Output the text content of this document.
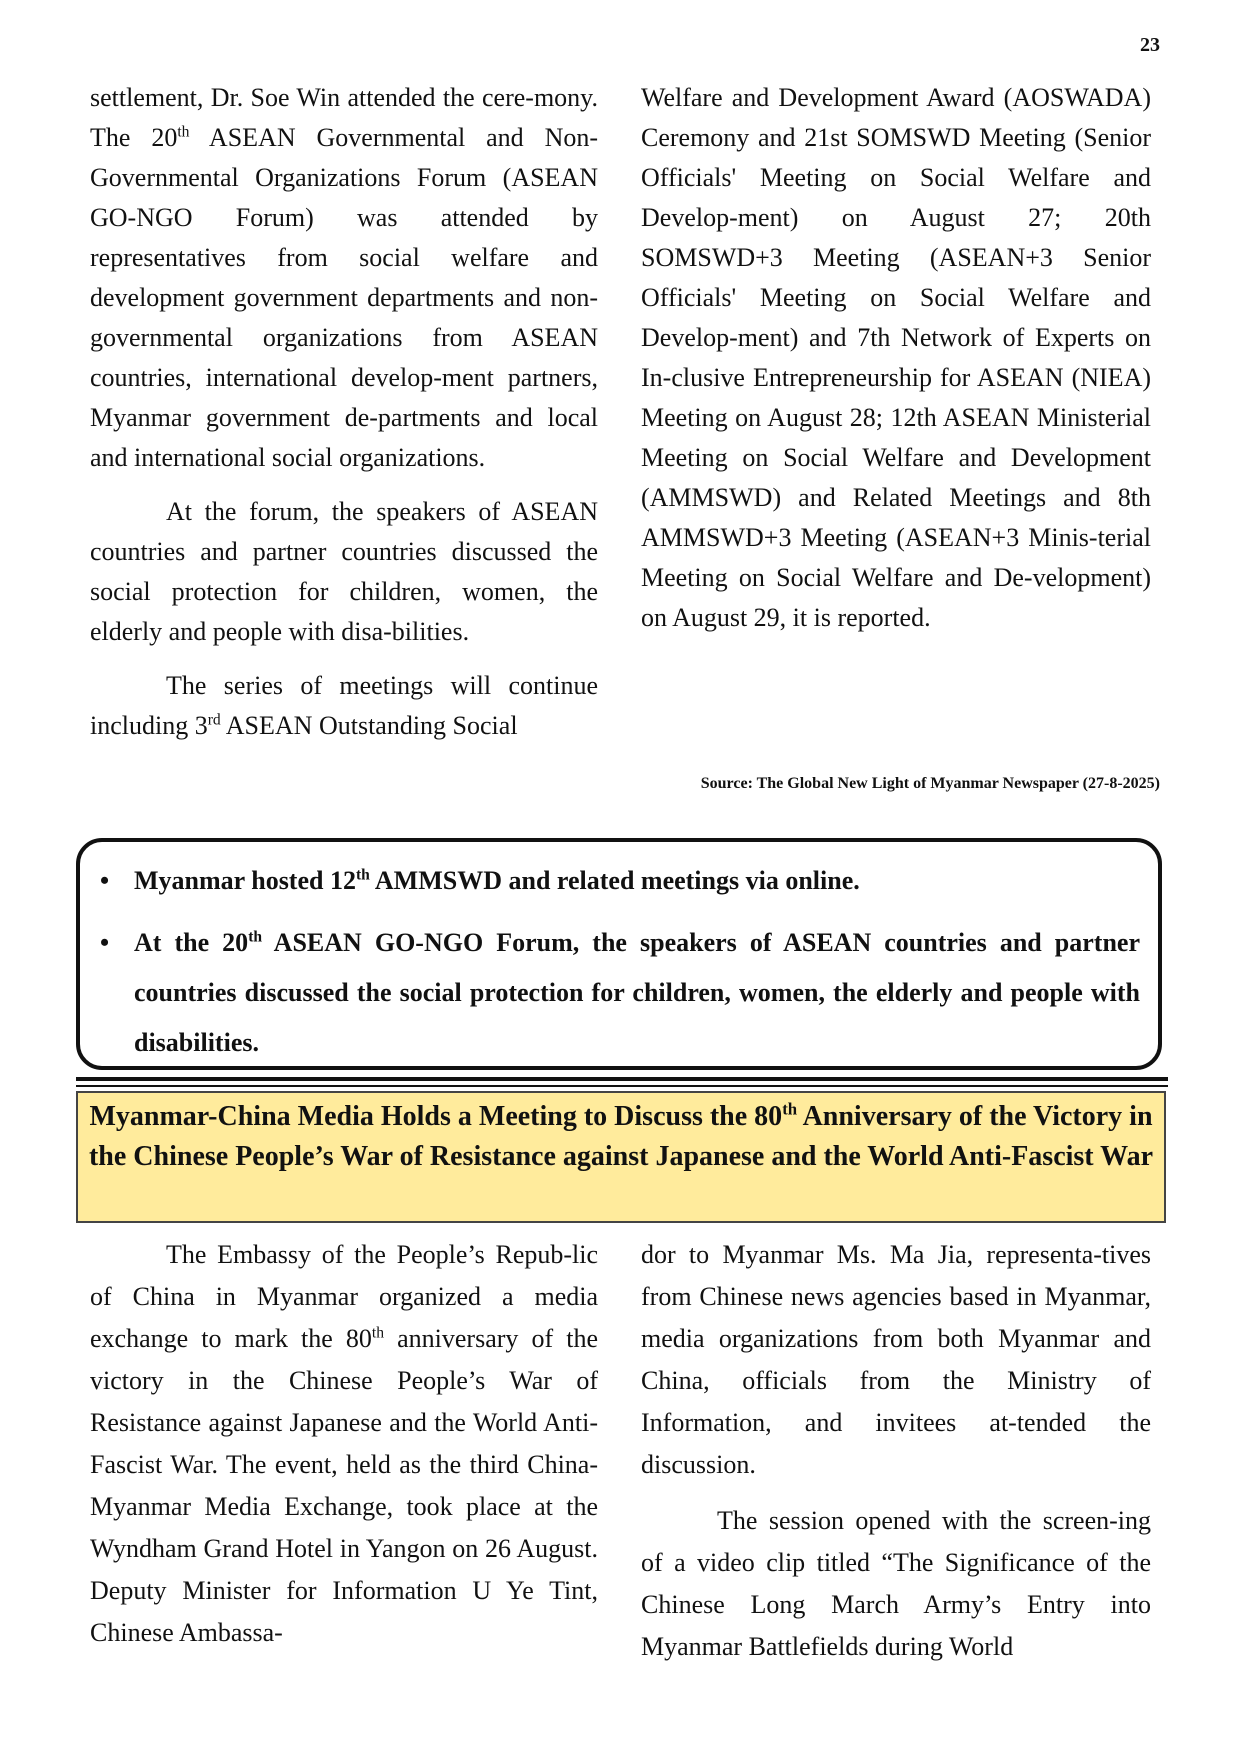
23

settlement, Dr. Soe Win attended the cere-mony. The 20th ASEAN Governmental and Non-Governmental Organizations Forum (ASEAN GO-NGO Forum) was attended by representatives from social welfare and development government departments and non-governmental organizations from ASEAN countries, international develop-ment partners, Myanmar government de-partments and local and international social organizations.

At the forum, the speakers of ASEAN countries and partner countries discussed the social protection for children, women, the elderly and people with disa-bilities.

The series of meetings will continue including 3rd ASEAN Outstanding Social

Welfare and Development Award (AOSWADA) Ceremony and 21st SOMSWD Meeting (Senior Officials' Meeting on Social Welfare and Develop-ment) on August 27; 20th SOMSWD+3 Meeting (ASEAN+3 Senior Officials' Meeting on Social Welfare and Develop-ment) and 7th Network of Experts on In-clusive Entrepreneurship for ASEAN (NIEA) Meeting on August 28; 12th ASEAN Ministerial Meeting on Social Welfare and Development (AMMSWD) and Related Meetings and 8th AMMSWD+3 Meeting (ASEAN+3 Minis-terial Meeting on Social Welfare and De-velopment) on August 29, it is reported.

Source: The Global New Light of Myanmar Newspaper (27-8-2025)
• Myanmar hosted 12th AMMSWD and related meetings via online.
• At the 20th ASEAN GO-NGO Forum, the speakers of ASEAN countries and partner countries discussed the social protection for children, women, the elderly and people with disabilities.
Myanmar-China Media Holds a Meeting to Discuss the 80th Anniversary of the Victory in the Chinese People’s War of Resistance against Japanese and the World Anti-Fascist War

The Embassy of the People’s Repub-lic of China in Myanmar organized a media exchange to mark the 80th anniversary of the victory in the Chinese People’s War of Resistance against Japanese and the World Anti-Fascist War. The event, held as the third China-Myanmar Media Exchange, took place at the Wyndham Grand Hotel in Yangon on 26 August. Deputy Minister for Information U Ye Tint, Chinese Ambassa-

dor to Myanmar Ms. Ma Jia, representa-tives from Chinese news agencies based in Myanmar, media organizations from both Myanmar and China, officials from the Ministry of Information, and invitees at-tended the discussion.

The session opened with the screen-ing of a video clip titled “The Significance of the Chinese Long March Army’s Entry into Myanmar Battlefields during World
